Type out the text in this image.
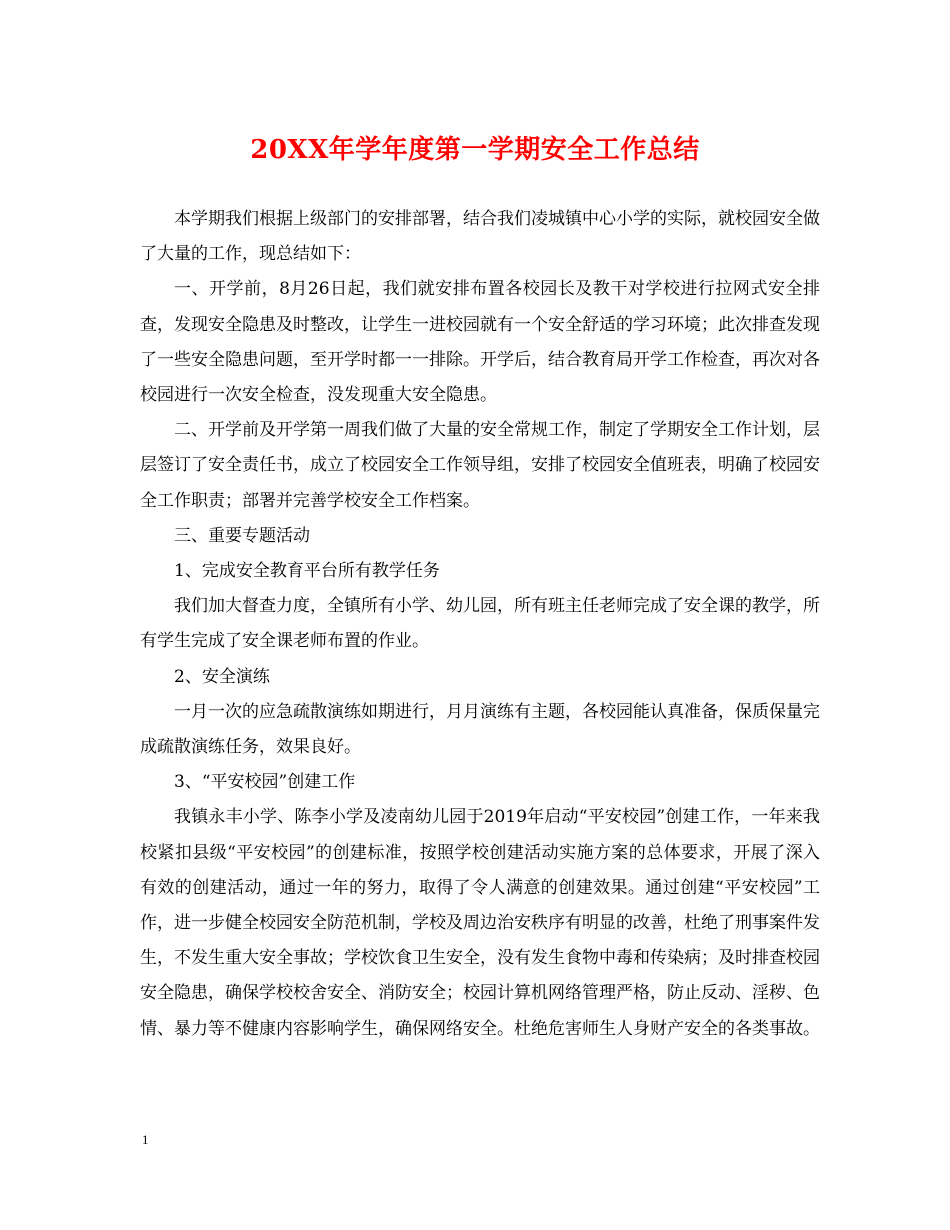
20XX年学年度第一学期安全工作总结

本学期我们根据上级部门的安排部署，结合我们凌城镇中心小学的实际，就校园安全做了大量的工作，现总结如下：

一、开学前，8月26日起，我们就安排布置各校园长及教干对学校进行拉网式安全排查，发现安全隐患及时整改，让学生一进校园就有一个安全舒适的学习环境；此次排查发现了一些安全隐患问题，至开学时都一一排除。开学后，结合教育局开学工作检查，再次对各校园进行一次安全检查，没发现重大安全隐患。

二、开学前及开学第一周我们做了大量的安全常规工作，制定了学期安全工作计划，层层签订了安全责任书，成立了校园安全工作领导组，安排了校园安全值班表，明确了校园安全工作职责；部署并完善学校安全工作档案。

三、重要专题活动

1、完成安全教育平台所有教学任务

我们加大督查力度，全镇所有小学、幼儿园，所有班主任老师完成了安全课的教学，所有学生完成了安全课老师布置的作业。

2、安全演练

一月一次的应急疏散演练如期进行，月月演练有主题，各校园能认真准备，保质保量完成疏散演练任务，效果良好。

3、“平安校园”创建工作

我镇永丰小学、陈李小学及凌南幼儿园于2019年启动“平安校园”创建工作，一年来我校紧扣县级“平安校园”的创建标准，按照学校创建活动实施方案的总体要求，开展了深入有效的创建活动，通过一年的努力，取得了令人满意的创建效果。通过创建“平安校园”工作，进一步健全校园安全防范机制，学校及周边治安秩序有明显的改善，杜绝了刑事案件发生，不发生重大安全事故；学校饮食卫生安全，没有发生食物中毒和传染病；及时排查校园安全隐患，确保学校校舍安全、消防安全；校园计算机网络管理严格，防止反动、淫秽、色情、暴力等不健康内容影响学生，确保网络安全。杜绝危害师生人身财产安全的各类事故。

1
